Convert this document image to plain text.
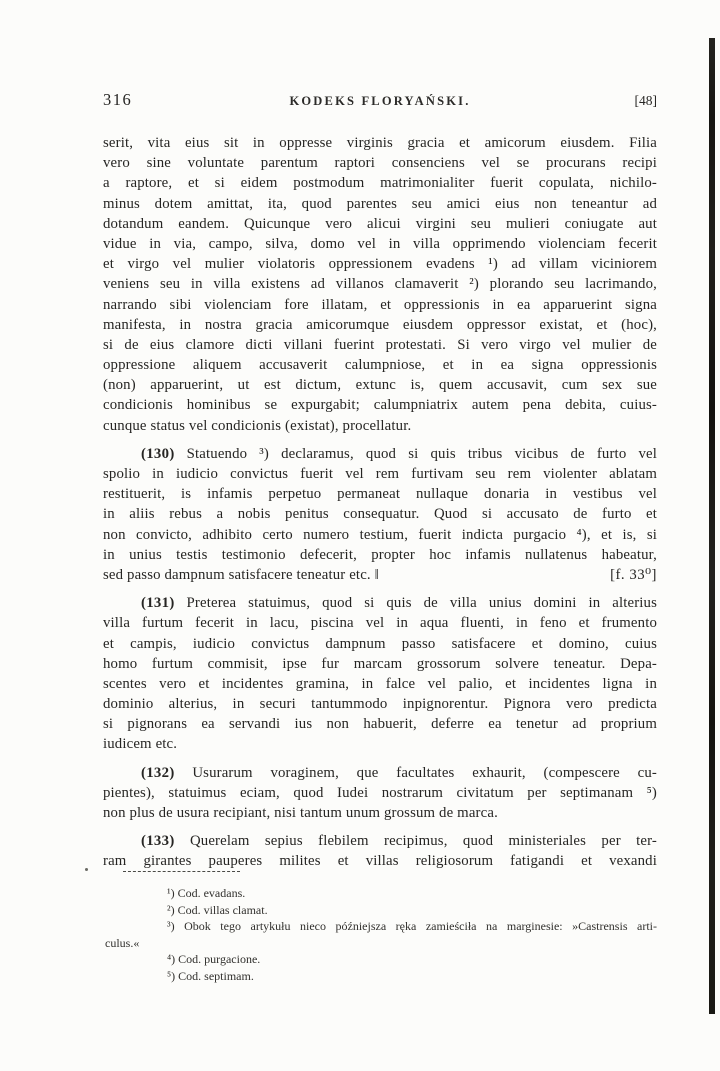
316	KODEKS FLORYAŃSKI.	[48]
serit, vita eius sit in oppresse virginis gracia et amicorum eiusdem. Filia
vero sine voluntate parentum raptori consenciens vel se procurans recipi
a raptore, et si eidem postmodum matrimonialiter fuerit copulata, nichilo-
minus dotem amittat, ita, quod parentes seu amici eius non teneantur ad
dotandum eandem. Quicunque vero alicui virgini seu mulieri coniugate aut
vidue in via, campo, silva, domo vel in villa opprimendo violenciam fecerit
et virgo vel mulier violatoris oppressionem evadens ¹) ad villam viciniorem
veniens seu in villa existens ad villanos clamaverit ²) plorando seu lacrimando,
narrando sibi violenciam fore illatam, et oppressionis in ea apparuerint signa
manifesta, in nostra gracia amicorumque eiusdem oppressor existat, et (hoc),
si de eius clamore dicti villani fuerint protestati. Si vero virgo vel mulier de
oppressione aliquem accusaverit calumpniose, et in ea signa oppressionis
(non) apparuerint, ut est dictum, extunc is, quem accusavit, cum sex sue
condicionis hominibus se expurgabit; calumpniatrix autem pena debita, cuius-
cunque status vel condicionis (existat), procellatur.
(130) Statuendo ³) declaramus, quod si quis tribus vicibus de furto vel
spolio in iudicio convictus fuerit vel rem furtivam seu rem violenter ablatam
restituerit, is infamis perpetuo permaneat nullaque donaria in vestibus vel
in aliis rebus a nobis penitus consequatur. Quod si accusato de furto et
non convicto, adhibito certo numero testium, fuerit indicta purgacio ⁴), et is, si
in unius testis testimonio defecerit, propter hoc infamis nullatenus habeatur,
[f. 33⁰]
sed passo dampnum satisfacere teneatur etc. ‖
(131) Preterea statuimus, quod si quis de villa unius domini in alterius
villa furtum fecerit in lacu, piscina vel in aqua fluenti, in feno et frumento
et campis, iudicio convictus dampnum passo satisfacere et domino, cuius
homo furtum commisit, ipse fur marcam grossorum solvere teneatur. Depa-
scentes vero et incidentes gramina, in falce vel palio, et incidentes ligna in
dominio alterius, in securi tantummodo inpignorentur. Pignora vero predicta
si pignorans ea servandi ius non habuerit, deferre ea tenetur ad proprium
iudicem etc.
(132) Usurarum voraginem, que facultates exhaurit, (compescere cu-
pientes), statuimus eciam, quod Iudei nostrarum civitatum per septimanam ⁵)
non plus de usura recipiant, nisi tantum unum grossum de marca.
(133) Querelam sepius flebilem recipimus, quod ministeriales per ter-
ram girantes pauperes milites et villas religiosorum fatigandi et vexandi
¹) Cod. evadans.
²) Cod. villas clamat.
³) Obok tego artykułu nieco późniejsza ręka zamieściła na marginesie: »Castrensis arti-
culus.«
⁴) Cod. purgacione.
⁵) Cod. septimam.
